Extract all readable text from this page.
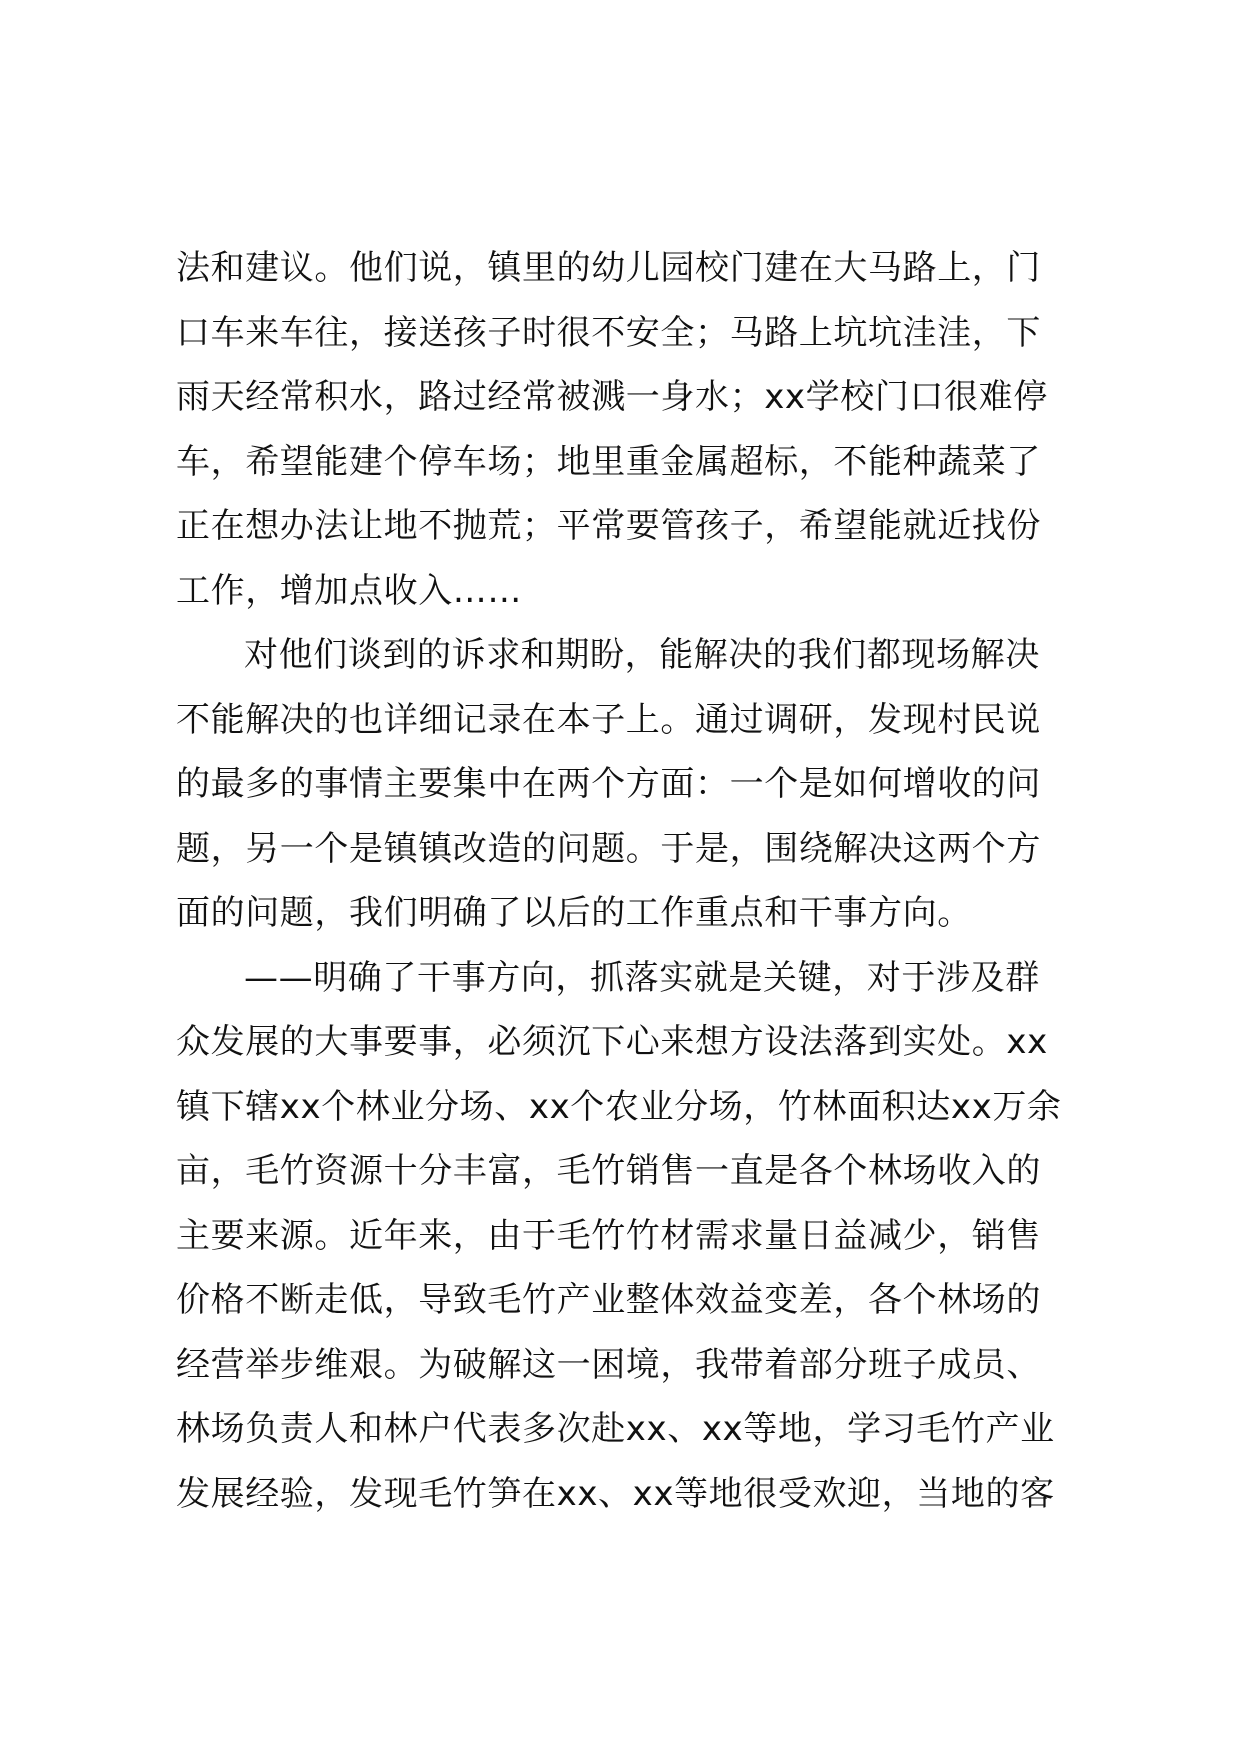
法和建议。他们说，镇里的幼儿园校门建在大马路上，门
口车来车往，接送孩子时很不安全；马路上坑坑洼洼，下
雨天经常积水，路过经常被溅一身水；xx学校门口很难停
车，希望能建个停车场；地里重金属超标，不能种蔬菜了
正在想办法让地不抛荒；平常要管孩子，希望能就近找份
工作，增加点收入……
对他们谈到的诉求和期盼，能解决的我们都现场解决
不能解决的也详细记录在本子上。通过调研，发现村民说
的最多的事情主要集中在两个方面：一个是如何增收的问
题，另一个是镇镇改造的问题。于是，围绕解决这两个方
面的问题，我们明确了以后的工作重点和干事方向。
——明确了干事方向，抓落实就是关键，对于涉及群
众发展的大事要事，必须沉下心来想方设法落到实处。xx
镇下辖xx个林业分场、xx个农业分场，竹林面积达xx万余
亩，毛竹资源十分丰富，毛竹销售一直是各个林场收入的
主要来源。近年来，由于毛竹竹材需求量日益减少，销售
价格不断走低，导致毛竹产业整体效益变差，各个林场的
经营举步维艰。为破解这一困境，我带着部分班子成员、
林场负责人和林户代表多次赴xx、xx等地，学习毛竹产业
发展经验，发现毛竹笋在xx、xx等地很受欢迎，当地的客
